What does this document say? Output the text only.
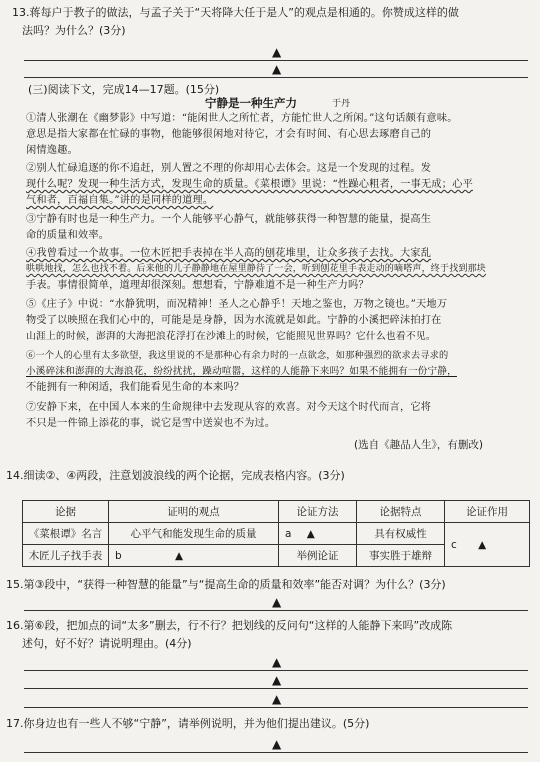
13.蒋每户于教子的做法，与孟子关于“天将降大任于是人”的观点是相通的。你赞成这样的做
法吗？为什么？(3分)
▲
▲
(三)阅读下文，完成14—17题。(15分)
宁静是一种生产力	于丹
①清人张潮在《幽梦影》中写道：“能闲世人之所忙者，方能忙世人之所闲。”这句话颇有意味。
意思是指大家都在忙碌的事物，他能够很闲地对待它，才会有时间、有心思去琢磨自己的
闲情逸趣。
②别人忙碌追逐的你不追赶，别人置之不理的你却用心去体会。这是一个发现的过程。发
现什么呢？发现一种生活方式，发现生命的质量。《菜根谭》里说：“性躁心粗者，一事无成；心平
气和者，百福自集。”讲的是同样的道理。
③宁静有时也是一种生产力。一个人能够平心静气，就能够获得一种智慧的能量，提高生
命的质量和效率。
④我曾看过一个故事。一位木匠把手表掉在半人高的刨花堆里，让众多孩子去找。大家乱
哄哄地找，怎么也找不着。后来他的儿子静静地在屋里静待了一会，听到刨花里手表走动的嘀嗒声，终于找到那块
手表。事情很简单，道理却很深刻。想想看，宁静难道不是一种生产力吗？
⑤《庄子》中说：“水静犹明，而况精神！圣人之心静乎！天地之鉴也，万物之镜也。”天地万
物受了以映照在我们心中的，可能是是身静，因为水流就是如此。宁静的小溪把碎沫拍打在
山涯上的时候，澎湃的大海把浪花浮打在沙滩上的时候，它能照见世界吗？它什么也看不见。
⑥一个人的心里有太多欲望，我这里说的不是那种心有余力时的一点欲念，如那种强烈的欲求去寻求的
小溪碎沫和澎湃的大海浪花，纷纷扰扰，躁动喧嚣，这样的人能静下来吗？如果不能拥有一份宁静，
不能拥有一种闲适，我们能看见生命的本来吗？
⑦安静下来，在中国人本来的生命规律中去发现从容的欢喜。对今天这个时代而言，它将
不只是一件锦上添花的事，说它是雪中送炭也不为过。
(选自《趣品人生》，有删改)
14.细读②、④两段，注意划波浪线的两个论据，完成表格内容。(3分)
论据	证明的观点	论证方法	论据特点	论证作用
《菜根谭》名言	心平气和能发现生命的质量	a ▲	具有权威性	c ▲
木匠儿子找手表	b ▲	举例论证	事实胜于雄辩	
15.第③段中，“获得一种智慧的能量”与“提高生命的质量和效率”能否对调？为什么？(3分)
▲
16.第⑥段，把加点的词“太多”删去，行不行？把划线的反问句“这样的人能静下来吗”改成陈
述句，好不好？请说明理由。(4分)
▲
▲
▲
17.你身边也有一些人不够“宁静”，请举例说明，并为他们提出建议。(5分)
▲
